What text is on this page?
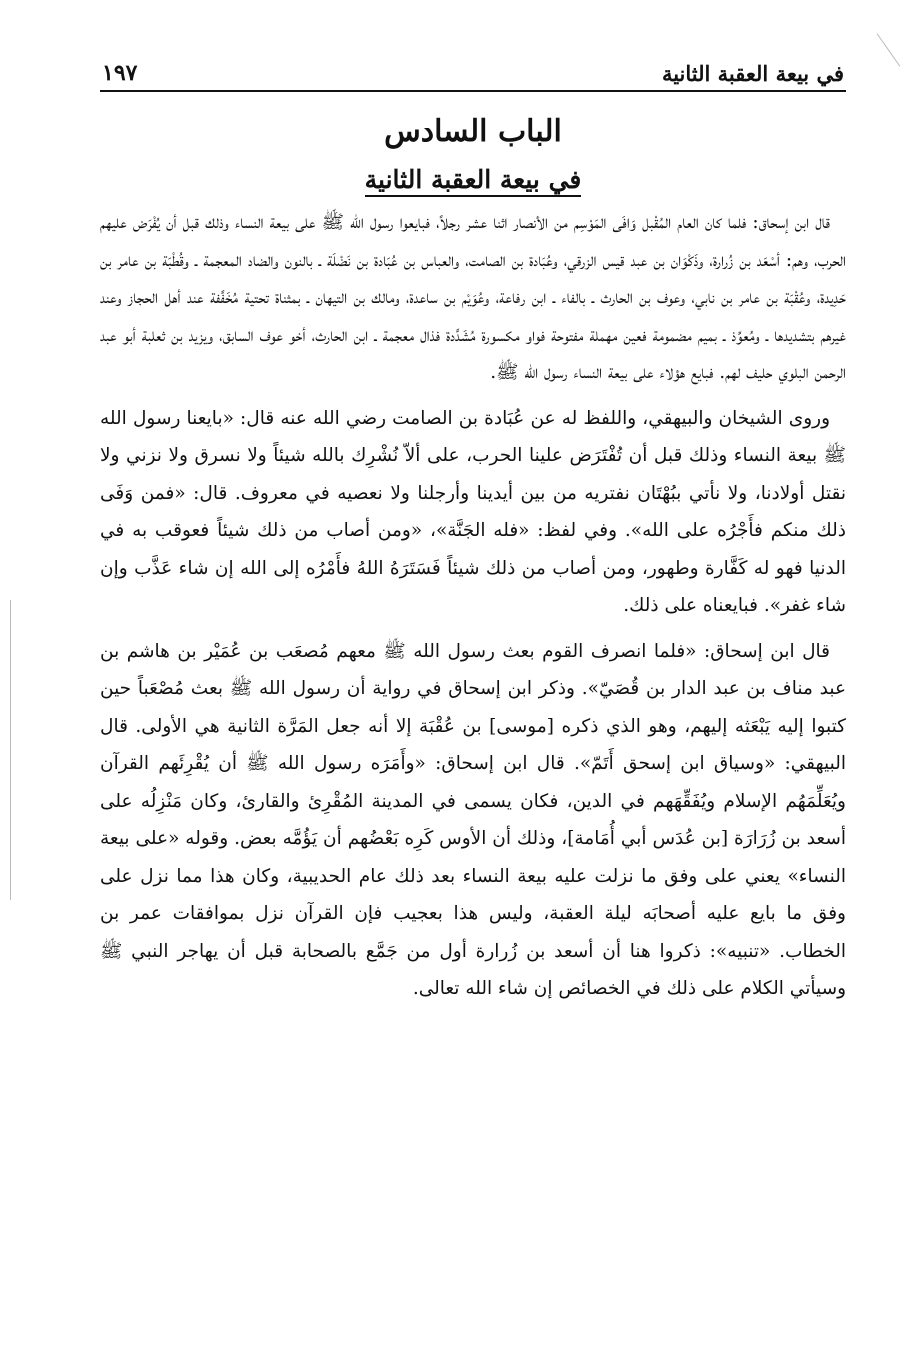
في بيعة العقبة الثانية
١٩٧
الباب السادس
في بيعة العقبة الثانية

قال ابن إسحاق: فلما كان العام المُقْبل وَافَى المَوْسِم من الأنصار اثنا عشر رجلاً، فبايعوا رسول الله ﷺ على بيعة النساء وذلك قبل أن يُفْرَض عليهم الحرب، وهم: أسْعَد بن زُرارة، وذَكْوَان بن عبد قيس الزرقي، وعُبَادة بن الصامت، والعباس بن عُبَادة بن نَضْلَة ـ بالنون والضاد المعجمة ـ وقُطْبَة بن عامر بن حَدِيدة، وعُقْبَة بن عامر بن نابي، وعوف بن الحارث ـ بالفاء ـ ابن رفاعة، وعُوَيْم بن ساعدة، ومالك بن التيهان ـ بمثناة تحتية مُخَفَّفة عند أهل الحجاز وعند غيرهم بتشديدها ـ ومُعوِّذ ـ بميم مضمومة فعين مهملة مفتوحة فواو مكسورة مُشَدَّدة فذال معجمة ـ ابن الحارث، أخو عوف السابق، ويزيد بن ثعلبة أبو عبد الرحمن البلوي حليف لهم. فبايع هؤلاء على بيعة النساء رسول الله ﷺ.

وروى الشيخان والبيهقي، واللفظ له عن عُبَادة بن الصامت رضي الله عنه قال: «بايعنا رسول الله ﷺ بيعة النساء وذلك قبل أن تُفْتَرَض علينا الحرب، على ألاّ نُشْرِك بالله شيئاً ولا نسرق ولا نزني ولا نقتل أولادنا، ولا نأتي ببُهْتَان نفتريه من بين أيدينا وأرجلنا ولا نعصيه في معروف. قال: «فمن وَفَى ذلك منكم فأَجْرُه على الله». وفي لفظ: «فله الجَنَّة»، «ومن أصاب من ذلك شيئاً فعوقب به في الدنيا فهو له كَفَّارة وطهور، ومن أصاب من ذلك شيئاً فَسَتَرَهُ اللهُ فأَمْرُه إلى الله إن شاء عَذَّب وإن شاء غفر». فبايعناه على ذلك.

قال ابن إسحاق: «فلما انصرف القوم بعث رسول الله ﷺ معهم مُصعَب بن عُمَيْر بن هاشم بن عبد مناف بن عبد الدار بن قُصَيّ». وذكر ابن إسحاق في رواية أن رسول الله ﷺ بعث مُصْعَباً حين كتبوا إليه يَبْعَثه إليهم، وهو الذي ذكره [موسى] بن عُقْبَة إلا أنه جعل المَرَّة الثانية هي الأولى. قال البيهقي: «وسياق ابن إسحق أَتَمّ». قال ابن إسحاق: «وأَمَرَه رسول الله ﷺ أن يُقْرِئَهم القرآن ويُعَلِّمَهُم الإسلام ويُفَقِّهَهم في الدين، فكان يسمى في المدينة المُقْرِئ والقارئ، وكان مَنْزِلُه على أسعد بن زُرَارَة [بن عُدَس أبي أُمَامة]، وذلك أن الأوس كَرِه بَعْضُهم أن يَؤُمَّه بعض. وقوله «على بيعة النساء» يعني على وفق ما نزلت عليه بيعة النساء بعد ذلك عام الحديبية، وكان هذا مما نزل على وفق ما بايع عليه أصحابَه ليلة العقبة، وليس هذا بعجيب فإن القرآن نزل بموافقات عمر بن الخطاب. «تنبيه»: ذكروا هنا أن أسعد بن زُرارة أول من جَمَّع بالصحابة قبل أن يهاجر النبي ﷺ وسيأتي الكلام على ذلك في الخصائص إن شاء الله تعالى.
